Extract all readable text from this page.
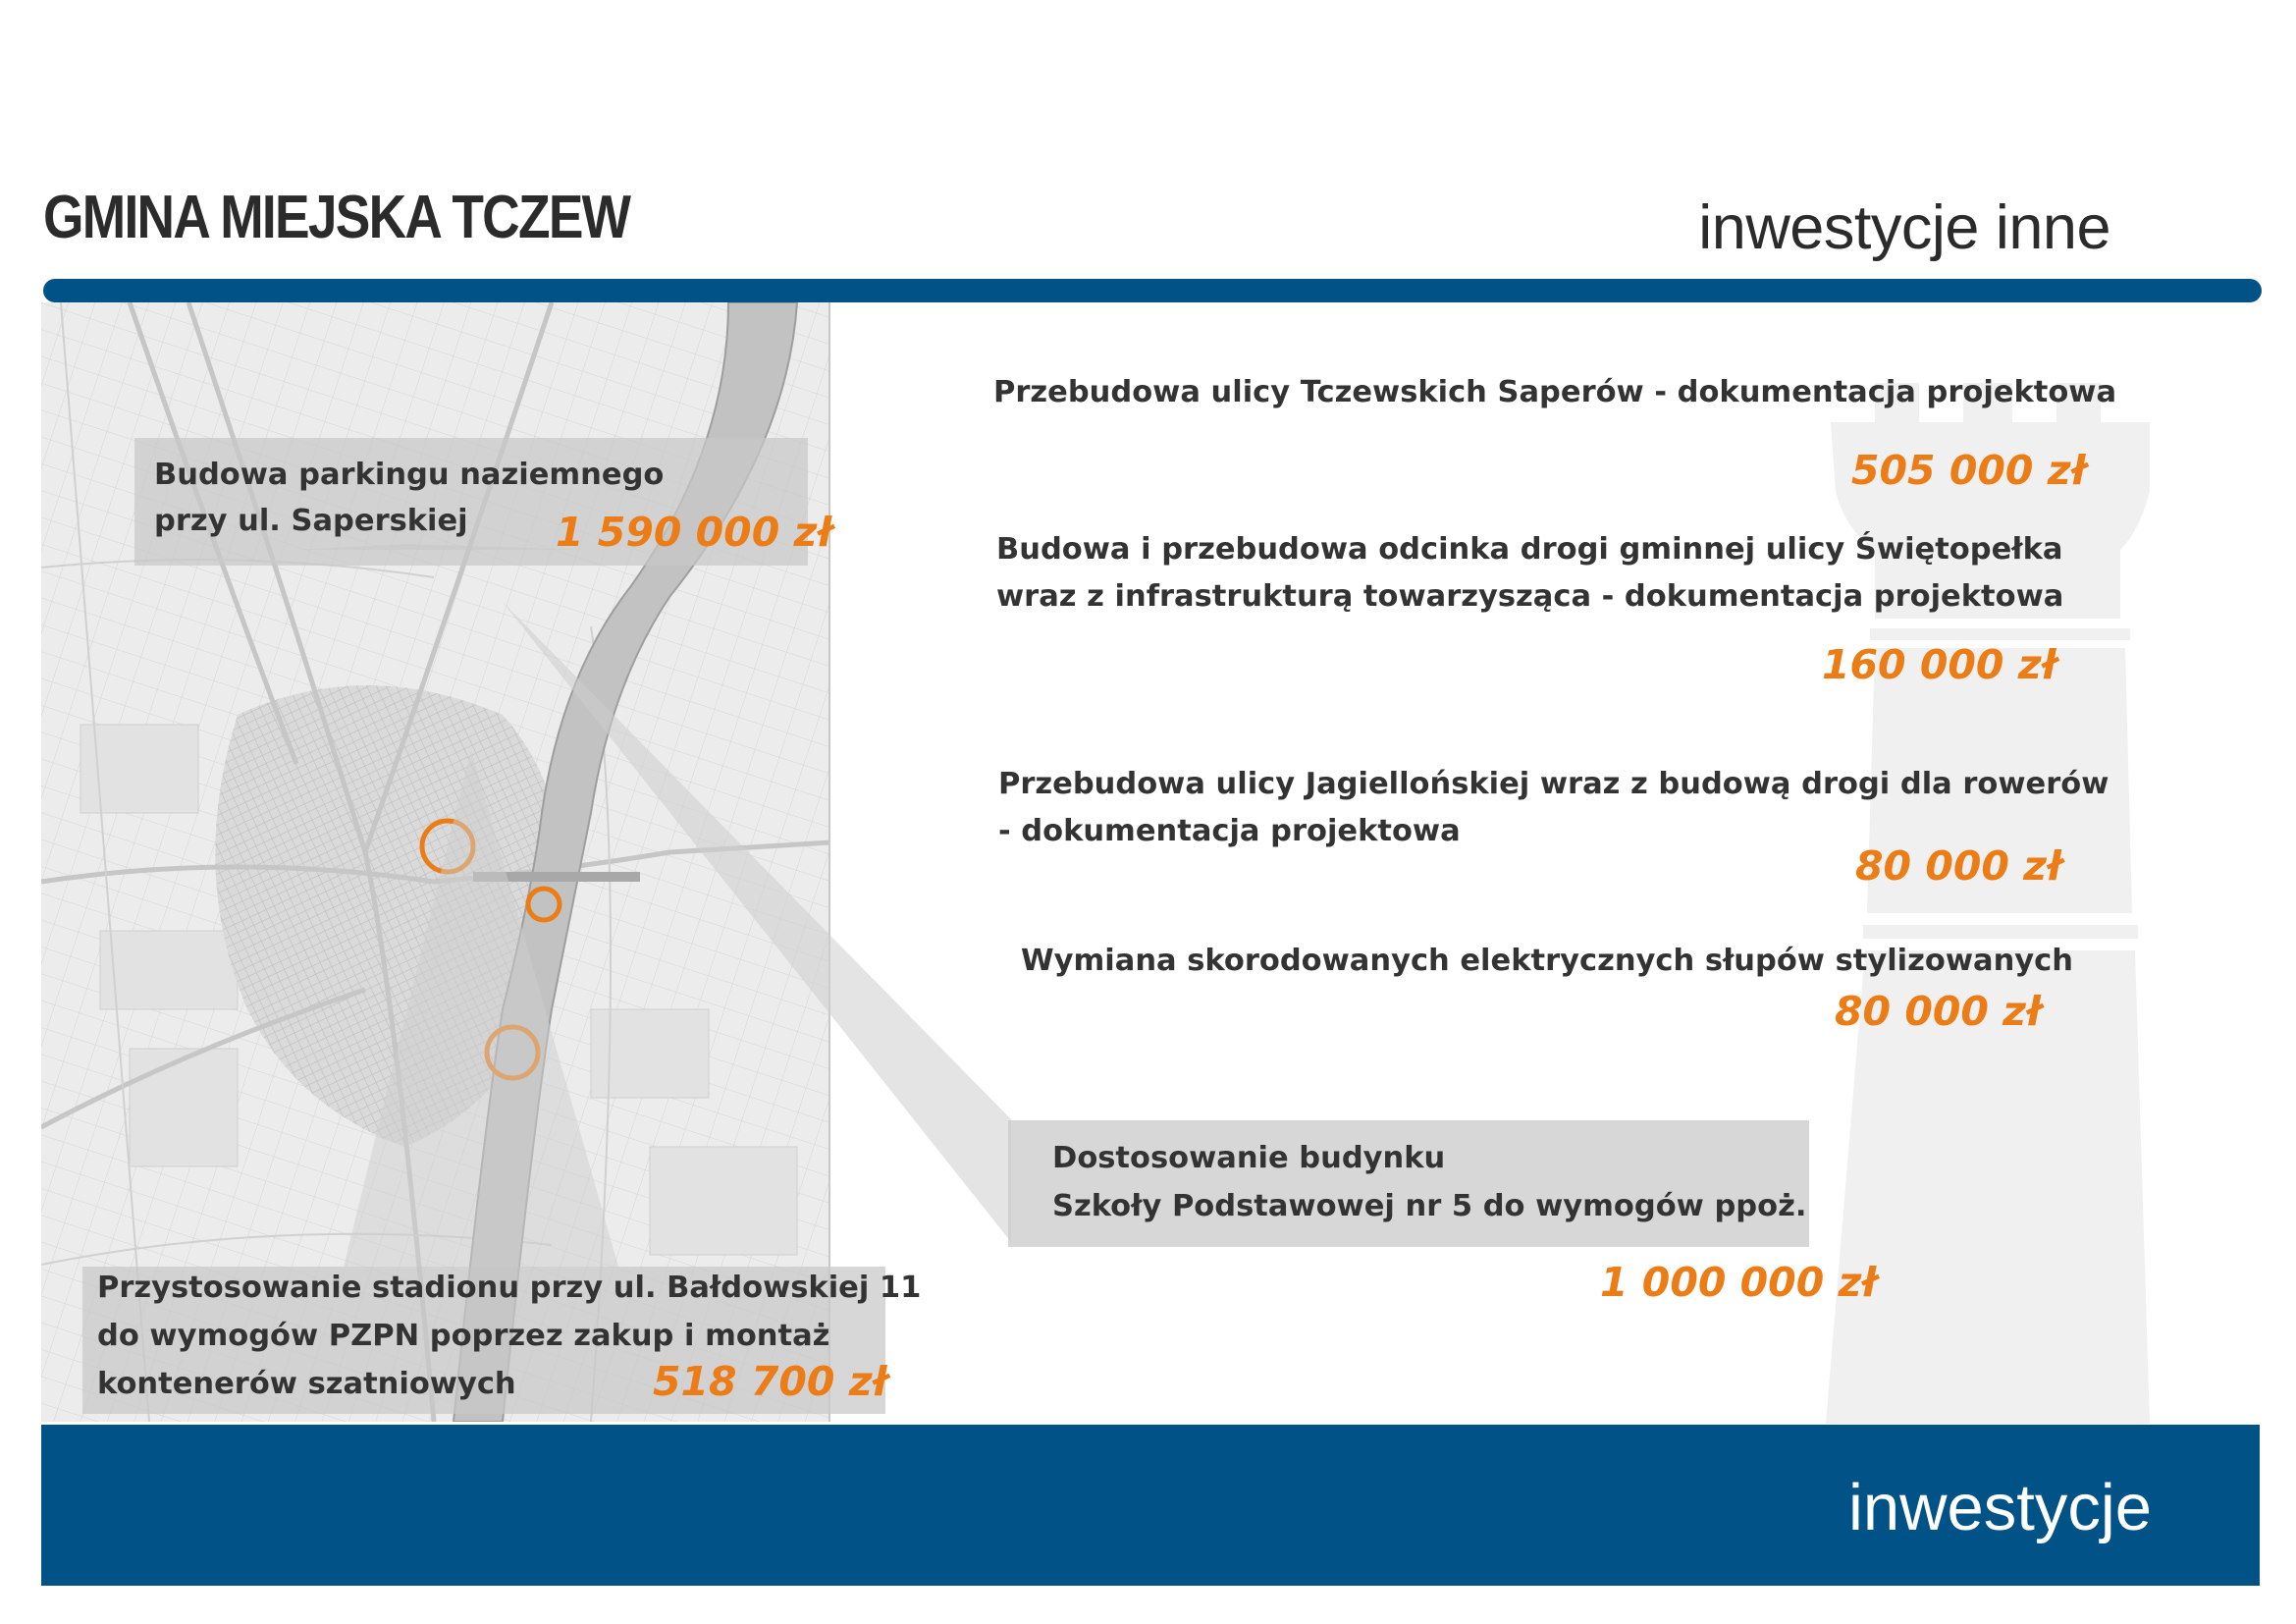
GMINA MIEJSKA TCZEW	inwestycje inne
Budowa parkingu naziemnego
przy ul. Saperskiej 1 590 000 zł
Przystosowanie stadionu przy ul. Bałdowskiej 11
do wymogów PZPN poprzez zakup i montaż
kontenerów szatniowych	518 700 zł
Przebudowa ulicy Tczewskich Saperów - dokumentacja projektowa
505 000 zł
Budowa i przebudowa odcinka drogi gminnej ulicy Świętopełka
wraz z infrastrukturą towarzysząca - dokumentacja projektowa
160 000 zł
Przebudowa ulicy Jagiellońskiej wraz z budową drogi dla rowerów
- dokumentacja projektowa
80 000 zł
Wymiana skorodowanych elektrycznych słupów stylizowanych
80 000 zł
Dostosowanie budynku
Szkoły Podstawowej nr 5 do wymogów ppoż.
1 000 000 zł
inwestycje
